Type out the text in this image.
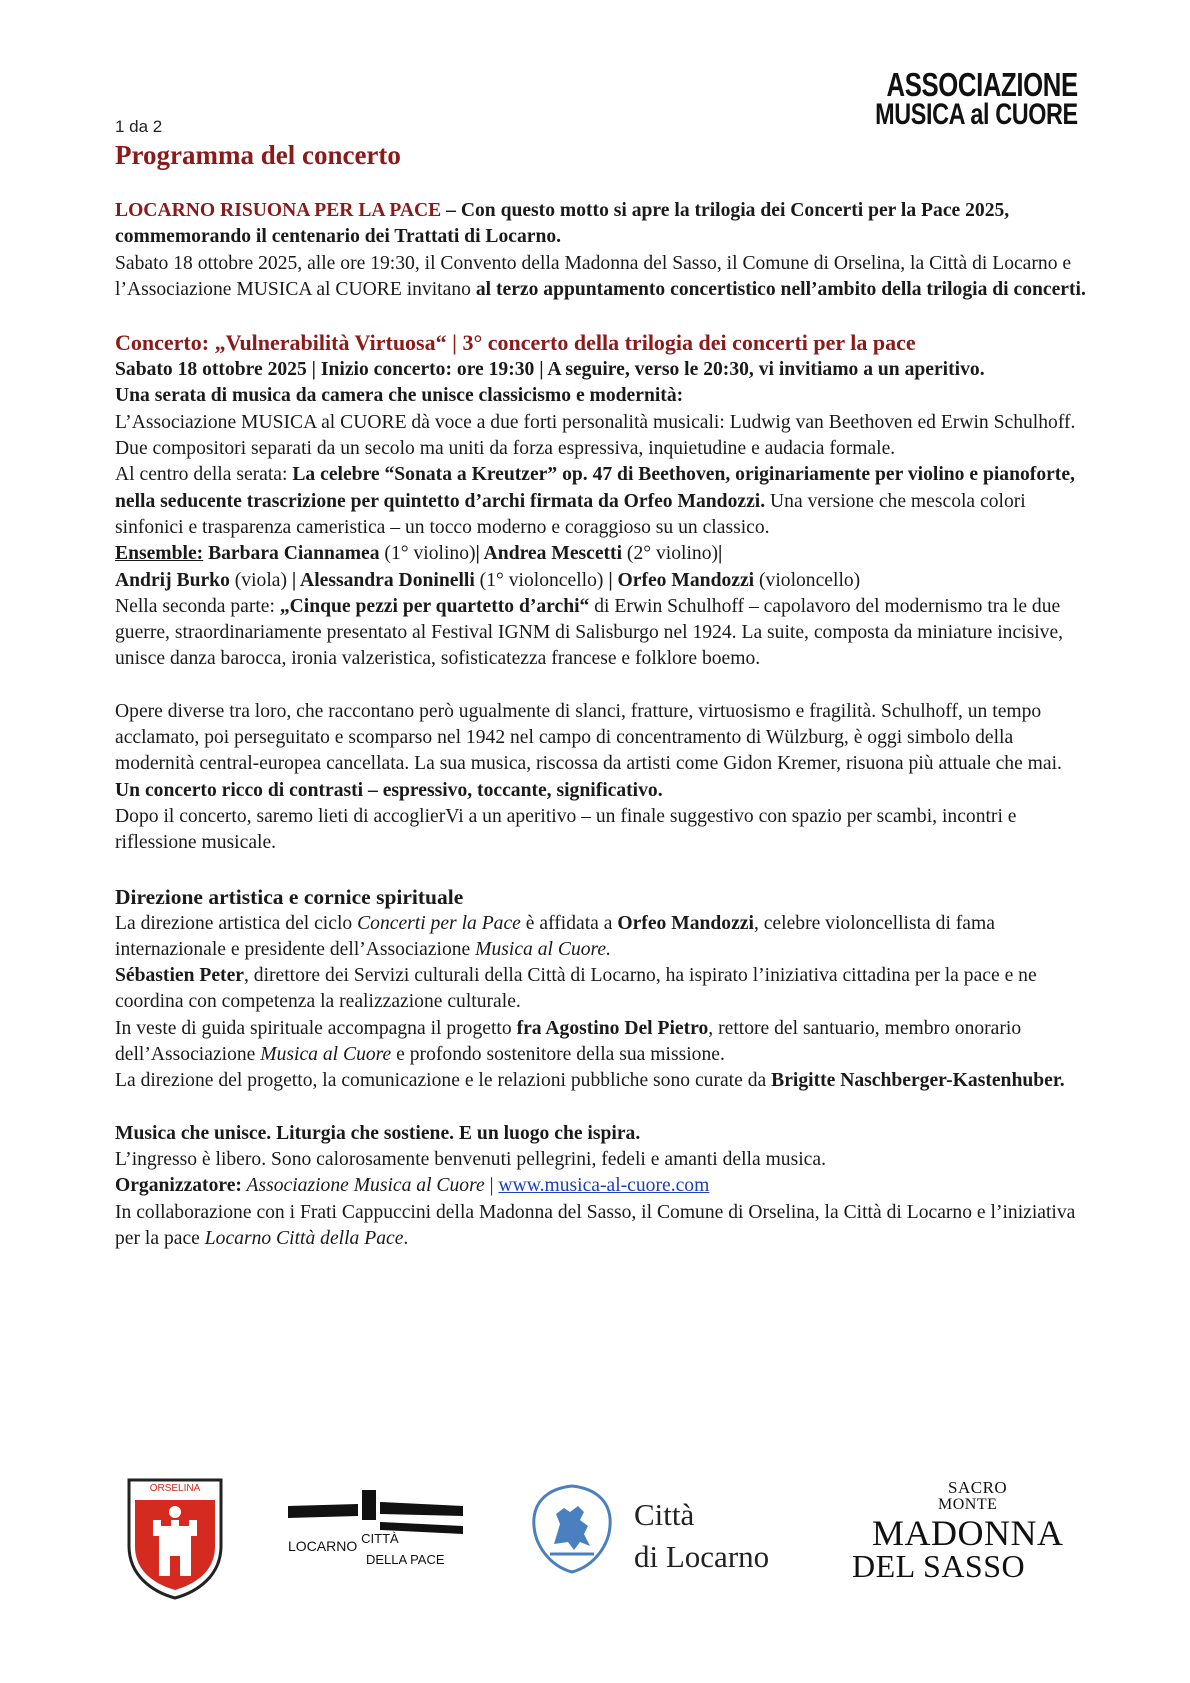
ASSOCIAZIONE
MUSICA al CUORE
1 da 2
Programma del concerto

LOCARNO RISUONA PER LA PACE – Con questo motto si apre la trilogia dei Concerti per la Pace 2025, commemorando il centenario dei Trattati di Locarno.

Sabato 18 ottobre 2025, alle ore 19:30, il Convento della Madonna del Sasso, il Comune di Orselina, la Città di Locarno e l’Associazione MUSICA al CUORE invitano al terzo appuntamento concertistico nell’ambito della trilogia di concerti.

Concerto: „Vulnerabilità Virtuosa“ | 3° concerto della trilogia dei concerti per la pace

Sabato 18 ottobre 2025 | Inizio concerto: ore 19:30 | A seguire, verso le 20:30, vi invitiamo a un aperitivo.

Una serata di musica da camera che unisce classicismo e modernità:

L’Associazione MUSICA al CUORE dà voce a due forti personalità musicali: Ludwig van Beethoven ed Erwin Schulhoff. Due compositori separati da un secolo ma uniti da forza espressiva, inquietudine e audacia formale.

Al centro della serata: La celebre “Sonata a Kreutzer” op. 47 di Beethoven, originariamente per violino e pianoforte, nella seducente trascrizione per quintetto d’archi firmata da Orfeo Mandozzi. Una versione che mescola colori sinfonici e trasparenza cameristica – un tocco moderno e coraggioso su un classico.

Ensemble: Barbara Ciannamea (1° violino)| Andrea Mescetti (2° violino)|

Andrij Burko (viola) | Alessandra Doninelli (1° violoncello) | Orfeo Mandozzi (violoncello)

Nella seconda parte: „Cinque pezzi per quartetto d’archi“ di Erwin Schulhoff – capolavoro del modernismo tra le due guerre, straordinariamente presentato al Festival IGNM di Salisburgo nel 1924. La suite, composta da miniature incisive, unisce danza barocca, ironia valzeristica, sofisticatezza francese e folklore boemo.

Opere diverse tra loro, che raccontano però ugualmente di slanci, fratture, virtuosismo e fragilità. Schulhoff, un tempo acclamato, poi perseguitato e scomparso nel 1942 nel campo di concentramento di Wülzburg, è oggi simbolo della modernità central-europea cancellata. La sua musica, riscossa da artisti come Gidon Kremer, risuona più attuale che mai.

Un concerto ricco di contrasti – espressivo, toccante, significativo.

Dopo il concerto, saremo lieti di accoglierVi a un aperitivo – un finale suggestivo con spazio per scambi, incontri e riflessione musicale.

Direzione artistica e cornice spirituale

La direzione artistica del ciclo Concerti per la Pace è affidata a Orfeo Mandozzi, celebre violoncellista di fama internazionale e presidente dell’Associazione Musica al Cuore.

Sébastien Peter, direttore dei Servizi culturali della Città di Locarno, ha ispirato l’iniziativa cittadina per la pace e ne coordina con competenza la realizzazione culturale.

In veste di guida spirituale accompagna il progetto fra Agostino Del Pietro, rettore del santuario, membro onorario dell’Associazione Musica al Cuore e profondo sostenitore della sua missione.

La direzione del progetto, la comunicazione e le relazioni pubbliche sono curate da Brigitte Naschberger-Kastenhuber.

Musica che unisce. Liturgia che sostiene. E un luogo che ispira.

L’ingresso è libero. Sono calorosamente benvenuti pellegrini, fedeli e amanti della musica.

Organizzatore: Associazione Musica al Cuore | www.musica-al-cuore.com

In collaborazione con i Frati Cappuccini della Madonna del Sasso, il Comune di Orselina, la Città di Locarno e l’iniziativa per la pace Locarno Città della Pace.

ORSELINA
LOCARNO CITTÀ
DELLA PACE
Città
di Locarno
SACRO
MONTE
MADONNA
DEL SASSO
